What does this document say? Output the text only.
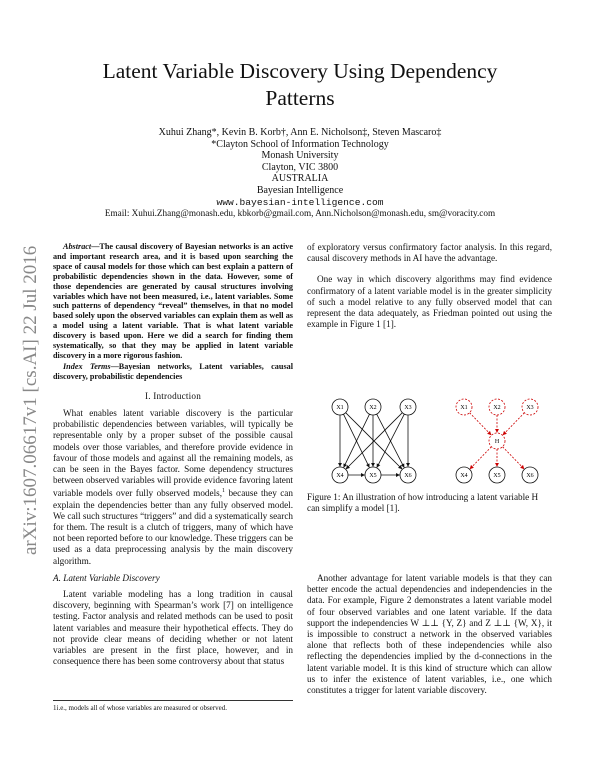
arXiv:1607.06617v1 [cs.AI] 22 Jul 2016
Latent Variable Discovery Using Dependency
Patterns
Xuhui Zhang*, Kevin B. Korb†, Ann E. Nicholson‡, Steven Mascaro‡
*Clayton School of Information Technology
Monash University
Clayton, VIC 3800
AUSTRALIA
Bayesian Intelligence
www.bayesian-intelligence.com
Email: Xuhui.Zhang@monash.edu, kbkorb@gmail.com, Ann.Nicholson@monash.edu, sm@voracity.com
Abstract—The causal discovery of Bayesian networks is an active and important research area, and it is based upon searching the space of causal models for those which can best explain a pattern of probabilistic dependencies shown in the data. However, some of those dependencies are generated by causal structures involving variables which have not been measured, i.e., latent variables. Some such patterns of dependency “reveal” themselves, in that no model based solely upon the observed variables can explain them as well as a model using a latent variable. That is what latent variable discovery is based upon. Here we did a search for finding them systematically, so that they may be applied in latent variable discovery in a more rigorous fashion.
Index Terms—Bayesian networks, Latent variables, causal discovery, probabilistic dependencies
I. Introduction

What enables latent variable discovery is the particular probabilistic dependencies between variables, will typically be representable only by a proper subset of the possible causal models over those variables, and therefore provide evidence in favour of those models and against all the remaining models, as can be seen in the Bayes factor. Some dependency structures between observed variables will provide evidence favoring latent variable models over fully observed models,$^1$ because they can explain the dependencies better than any fully observed model. We call such structures “triggers” and did a systematically search for them. The result is a clutch of triggers, many of which have not been reported before to our knowledge. These triggers can be used as a data preprocessing analysis by the main discovery algorithm.

A. Latent Variable Discovery

Latent variable modeling has a long tradition in causal discovery, beginning with Spearman’s work [7] on intelligence testing. Factor analysis and related methods can be used to posit latent variables and measure their hypothetical effects. They do not provide clear means of deciding whether or not latent variables are present in the first place, however, and in consequence there has been some controversy about that status

1i.e., models all of whose variables are measured or observed.

of exploratory versus confirmatory factor analysis. In this regard, causal discovery methods in AI have the advantage.

One way in which discovery algorithms may find evidence confirmatory of a latent variable model is in the greater simplicity of such a model relative to any fully observed model that can represent the data adequately, as Friedman pointed out using the example in Figure 1 [1].

X1	X2	X3
X4	X5	X6
X1	X2	X3
H
X4	X5	X6
Figure 1: An illustration of how introducing a latent variable H can simplify a model [1].

Another advantage for latent variable models is that they can better encode the actual dependencies and independencies in the data. For example, Figure 2 demonstrates a latent variable model of four observed variables and one latent variable. If the data support the independencies W ⊥⊥ {Y, Z} and Z ⊥⊥ {W, X}, it is impossible to construct a network in the observed variables alone that reflects both of these independencies while also reflecting the dependencies implied by the d-connections in the latent variable model. It is this kind of structure which can allow us to infer the existence of latent variables, i.e., one which constitutes a trigger for latent variable discovery.
